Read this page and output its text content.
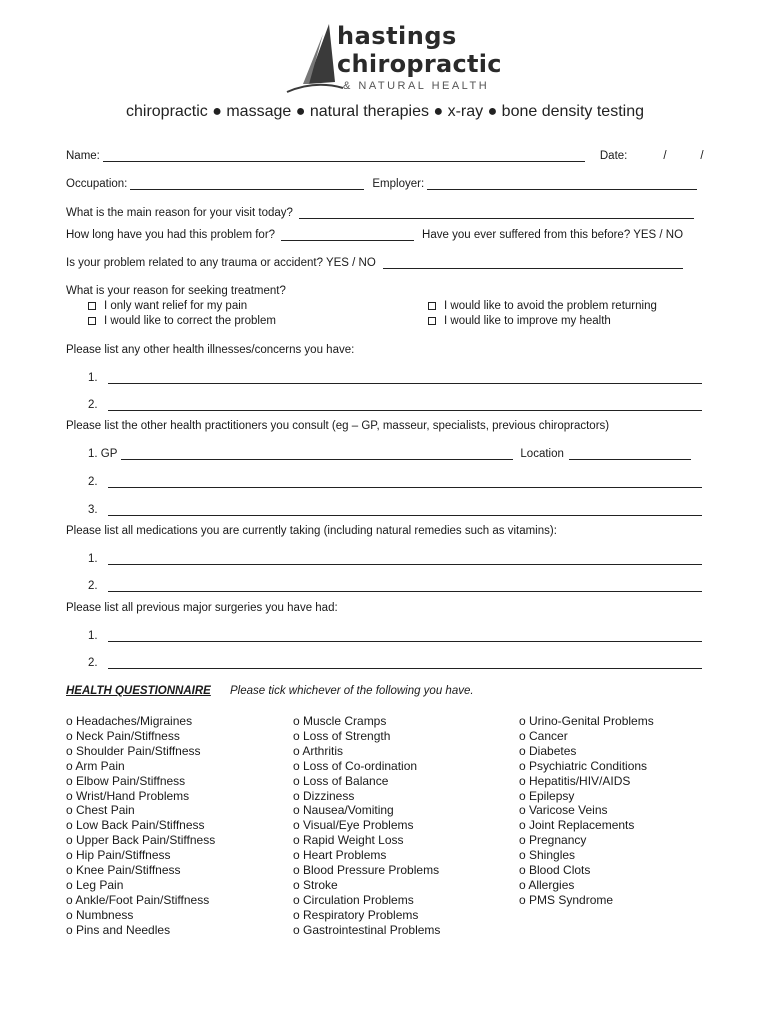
hastings
chiropractic
& NATURAL HEALTH
chiropractic ● massage ● natural therapies ● x-ray ● bone density testing
Name:	Date:	/	/

Occupation:	Employer:
What is the main reason for your visit today?
How long have you had this problem for?	Have you ever suffered from this before? YES / NO
Is your problem related to any trauma or accident? YES / NO
What is your reason for seeking treatment?
I only want relief for my pain
I would like to correct the problem
I would like to avoid the problem returning
I would like to improve my health
Please list any other health illnesses/concerns you have:
1.
2.
Please list the other health practitioners you consult (eg – GP, masseur, specialists, previous chiropractors)
1. GP	Location
2.
3.
Please list all medications you are currently taking (including natural remedies such as vitamins):
1.
2.
Please list all previous major surgeries you have had:
1.
2.
HEALTH QUESTIONNAIRE Please tick whichever of the following you have.
o Headaches/Migraines
o Neck Pain/Stiffness
o Shoulder Pain/Stiffness
o Arm Pain
o Elbow Pain/Stiffness
o Wrist/Hand Problems
o Chest Pain
o Low Back Pain/Stiffness
o Upper Back Pain/Stiffness
o Hip Pain/Stiffness
o Knee Pain/Stiffness
o Leg Pain
o Ankle/Foot Pain/Stiffness
o Numbness
o Pins and Needles
o Muscle Cramps
o Loss of Strength
o Arthritis
o Loss of Co-ordination
o Loss of Balance
o Dizziness
o Nausea/Vomiting
o Visual/Eye Problems
o Rapid Weight Loss
o Heart Problems
o Blood Pressure Problems
o Stroke
o Circulation Problems
o Respiratory Problems
o Gastrointestinal Problems
o Urino-Genital Problems
o Cancer
o Diabetes
o Psychiatric Conditions
o Hepatitis/HIV/AIDS
o Epilepsy
o Varicose Veins
o Joint Replacements
o Pregnancy
o Shingles
o Blood Clots
o Allergies
o PMS Syndrome
